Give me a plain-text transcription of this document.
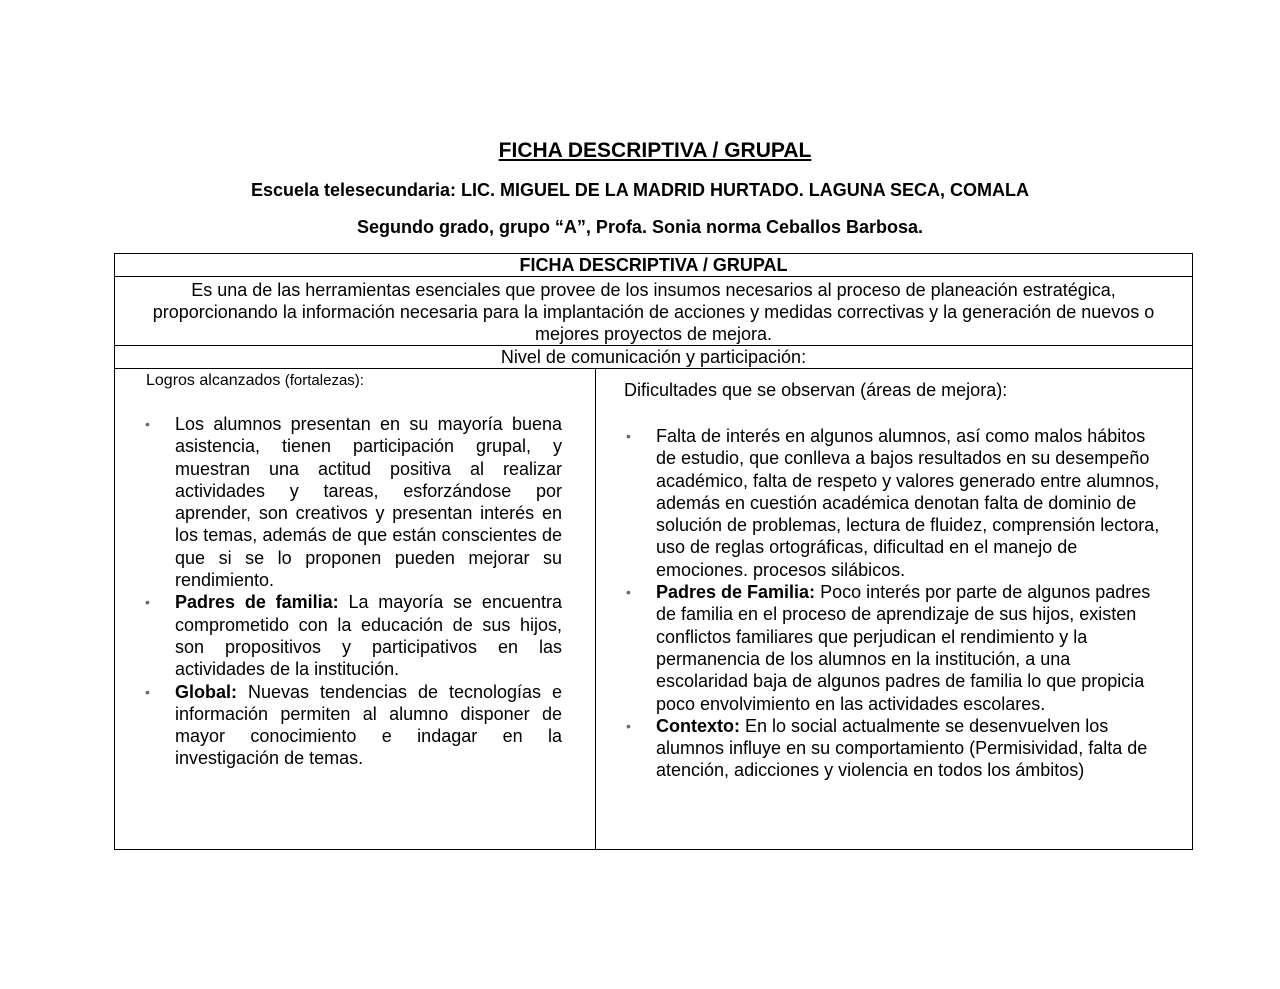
FICHA DESCRIPTIVA / GRUPAL

Escuela telesecundaria: LIC. MIGUEL DE LA MADRID HURTADO. LAGUNA SECA, COMALA

Segundo grado, grupo “A”, Profa. Sonia norma Ceballos Barbosa.

FICHA DESCRIPTIVA / GRUPAL
Es una de las herramientas esenciales que provee de los insumos necesarios al proceso de planeación estratégica, proporcionando la información necesaria para la implantación de acciones y medidas correctivas y la generación de nuevos o mejores proyectos de mejora.
Nivel de comunicación y participación:

Logros alcanzados (fortalezas):
• Los alumnos presentan en su mayoría buena asistencia, tienen participación grupal, y muestran una actitud positiva al realizar actividades y tareas, esforzándose por aprender, son creativos y presentan interés en los temas, además de que están conscientes de que si se lo proponen pueden mejorar su rendimiento.
• Padres de familia: La mayoría se encuentra comprometido con la educación de sus hijos, son propositivos y participativos en las actividades de la institución.
• Global: Nuevas tendencias de tecnologías e información permiten al alumno disponer de mayor conocimiento e indagar en la investigación de temas.

Dificultades que se observan (áreas de mejora):
• Falta de interés en algunos alumnos, así como malos hábitos de estudio, que conlleva a bajos resultados en su desempeño académico, falta de respeto y valores generado entre alumnos, además en cuestión académica denotan falta de dominio de solución de problemas, lectura de fluidez, comprensión lectora, uso de reglas ortográficas, dificultad en el manejo de emociones. procesos silábicos.
• Padres de Familia: Poco interés por parte de algunos padres de familia en el proceso de aprendizaje de sus hijos, existen conflictos familiares que perjudican el rendimiento y la permanencia de los alumnos en la institución, a una escolaridad baja de algunos padres de familia lo que propicia poco envolvimiento en las actividades escolares.
• Contexto: En lo social actualmente se desenvuelven los alumnos influye en su comportamiento (Permisividad, falta de atención, adicciones y violencia en todos los ámbitos)
